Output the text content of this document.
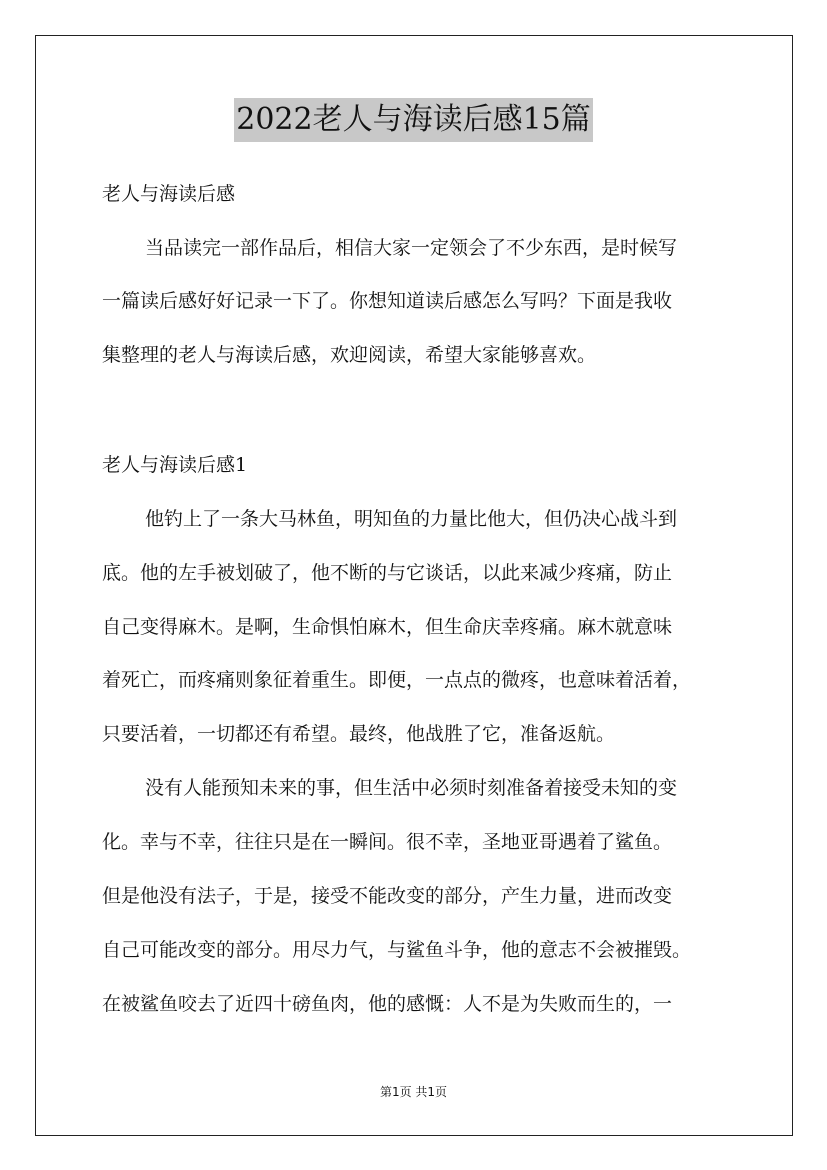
2022老人与海读后感15篇
老人与海读后感
当品读完一部作品后，相信大家一定领会了不少东西，是时候写
一篇读后感好好记录一下了。你想知道读后感怎么写吗？下面是我收
集整理的老人与海读后感，欢迎阅读，希望大家能够喜欢。
老人与海读后感1
他钓上了一条大马林鱼，明知鱼的力量比他大，但仍决心战斗到
底。他的左手被划破了，他不断的与它谈话，以此来减少疼痛，防止
自己变得麻木。是啊，生命惧怕麻木，但生命庆幸疼痛。麻木就意味
着死亡，而疼痛则象征着重生。即便，一点点的微疼，也意味着活着，
只要活着，一切都还有希望。最终，他战胜了它，准备返航。
没有人能预知未来的事，但生活中必须时刻准备着接受未知的变
化。幸与不幸，往往只是在一瞬间。很不幸，圣地亚哥遇着了鲨鱼。
但是他没有法子，于是，接受不能改变的部分，产生力量，进而改变
自己可能改变的部分。用尽力气，与鲨鱼斗争，他的意志不会被摧毁。
在被鲨鱼咬去了近四十磅鱼肉，他的感慨：人不是为失败而生的，一
第1页 共1页
